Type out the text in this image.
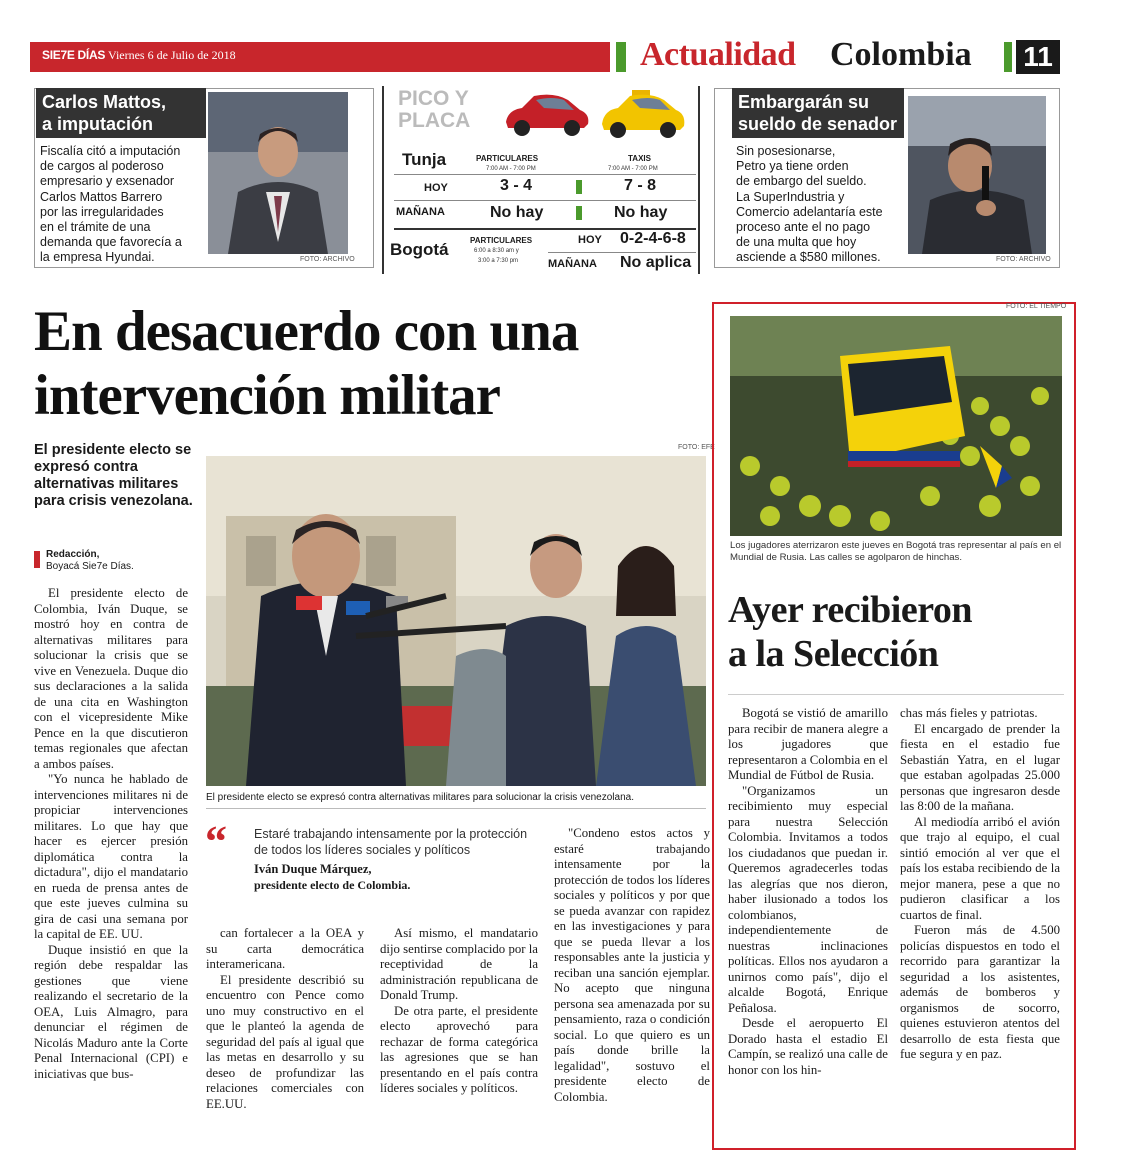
SIE7E DÍAS Viernes 6 de Julio de 2018	Actualidad Colombia 11
Carlos Mattos,
a imputación
Fiscalía citó a imputación
de cargos al poderoso
empresario y exsenador
Carlos Mattos Barrero
por las irregularidades
en el trámite de una
demanda que favorecía a
la empresa Hyundai.	FOTO: ARCHIVO
PICO Y
PLACA
Tunja	PARTICULARES
7:00 AM - 7:00 PM
TAXIS
7:00 AM - 7:00 PM
HOY	3 - 4	7 - 8
MAÑANA	No hay	No hay
Bogotá	PARTICULARES
6:00 a 8:30 am y
3:00 a 7:30 pm
HOY 0-2-4-6-8
MAÑANA No aplica
Embargarán su
sueldo de senador
Sin posesionarse,
Petro ya tiene orden
de embargo del sueldo.
La SuperIndustria y
Comercio adelantaría este
proceso ante el no pago
de una multa que hoy
asciende a $580 millones.	FOTO: ARCHIVO
En desacuerdo con una
intervención militar
El presidente electo se expresó contra alternativas militares para crisis venezolana.
Redacción,
Boyacá Sie7e Días.
FOTO: EFE
El presidente electo se expresó contra alternativas militares para solucionar la crisis venezolana.
“ Estaré trabajando intensamente por la protección de todos los líderes sociales y políticos
Iván Duque Márquez,
presidente electo de Colombia.

El presidente electo de Colombia, Iván Duque, se mostró hoy en contra de alternativas militares para solucionar la crisis que se vive en Venezuela. Duque dio sus declaraciones a la salida de una cita en Washington con el vicepresidente Mike Pence en la que discutieron temas regionales que afectan a ambos países.

"Yo nunca he hablado de intervenciones militares ni de propiciar intervenciones militares. Lo que hay que hacer es ejercer presión diplomática contra la dictadura", dijo el mandatario en rueda de prensa antes de que este jueves culmina su gira de casi una semana por la capital de EE. UU.

Duque insistió en que la región debe respaldar las gestiones que viene realizando el secretario de la OEA, Luis Almagro, para denunciar el régimen de Nicolás Maduro ante la Corte Penal Internacional (CPI) e iniciativas que bus-

can fortalecer a la OEA y su carta democrática interamericana.

El presidente describió su encuentro con Pence como uno muy constructivo en el que le planteó la agenda de seguridad del país al igual que las metas en desarrollo y su deseo de profundizar las relaciones comerciales con EE.UU.

Así mismo, el mandatario dijo sentirse complacido por la receptividad de la administración republicana de Donald Trump.

De otra parte, el presidente electo aprovechó para rechazar de forma categórica las agresiones que se han presentando en el país contra líderes sociales y políticos.

"Condeno estos actos y estaré trabajando intensamente por la protección de todos los líderes sociales y políticos y por que se pueda avanzar con rapidez en las investigaciones y para que se pueda llevar a los responsables ante la justicia y reciban una sanción ejemplar. No acepto que ninguna persona sea amenazada por su pensamiento, raza o condición social. Lo que quiero es un país donde brille la legalidad", sostuvo el presidente electo de Colombia.

FOTO: EL TIEMPO
Los jugadores aterrizaron este jueves en Bogotá tras representar al país en el Mundial de Rusia. Las calles se agolparon de hinchas.
Ayer recibieron
a la Selección

Bogotá se vistió de amarillo para recibir de manera alegre a los jugadores que representaron a Colombia en el Mundial de Fútbol de Rusia.

"Organizamos un recibimiento muy especial para nuestra Selección Colombia. Invitamos a todos los ciudadanos que puedan ir. Queremos agradecerles todas las alegrías que nos dieron, haber ilusionado a todos los colombianos, independientemente de nuestras inclinaciones políticas. Ellos nos ayudaron a unirnos como país", dijo el alcalde Bogotá, Enrique Peñalosa.

Desde el aeropuerto El Dorado hasta el estadio El Campín, se realizó una calle de honor con los hin-

chas más fieles y patriotas.

El encargado de prender la fiesta en el estadio fue Sebastián Yatra, en el lugar que estaban agolpadas 25.000 personas que ingresaron desde las 8:00 de la mañana.

Al mediodía arribó el avión que trajo al equipo, el cual sintió emoción al ver que el país los estaba recibiendo de la mejor manera, pese a que no pudieron clasificar a los cuartos de final.

Fueron más de 4.500 policías dispuestos en todo el recorrido para garantizar la seguridad a los asistentes, además de bomberos y organismos de socorro, quienes estuvieron atentos del desarrollo de esta fiesta que fue segura y en paz.
